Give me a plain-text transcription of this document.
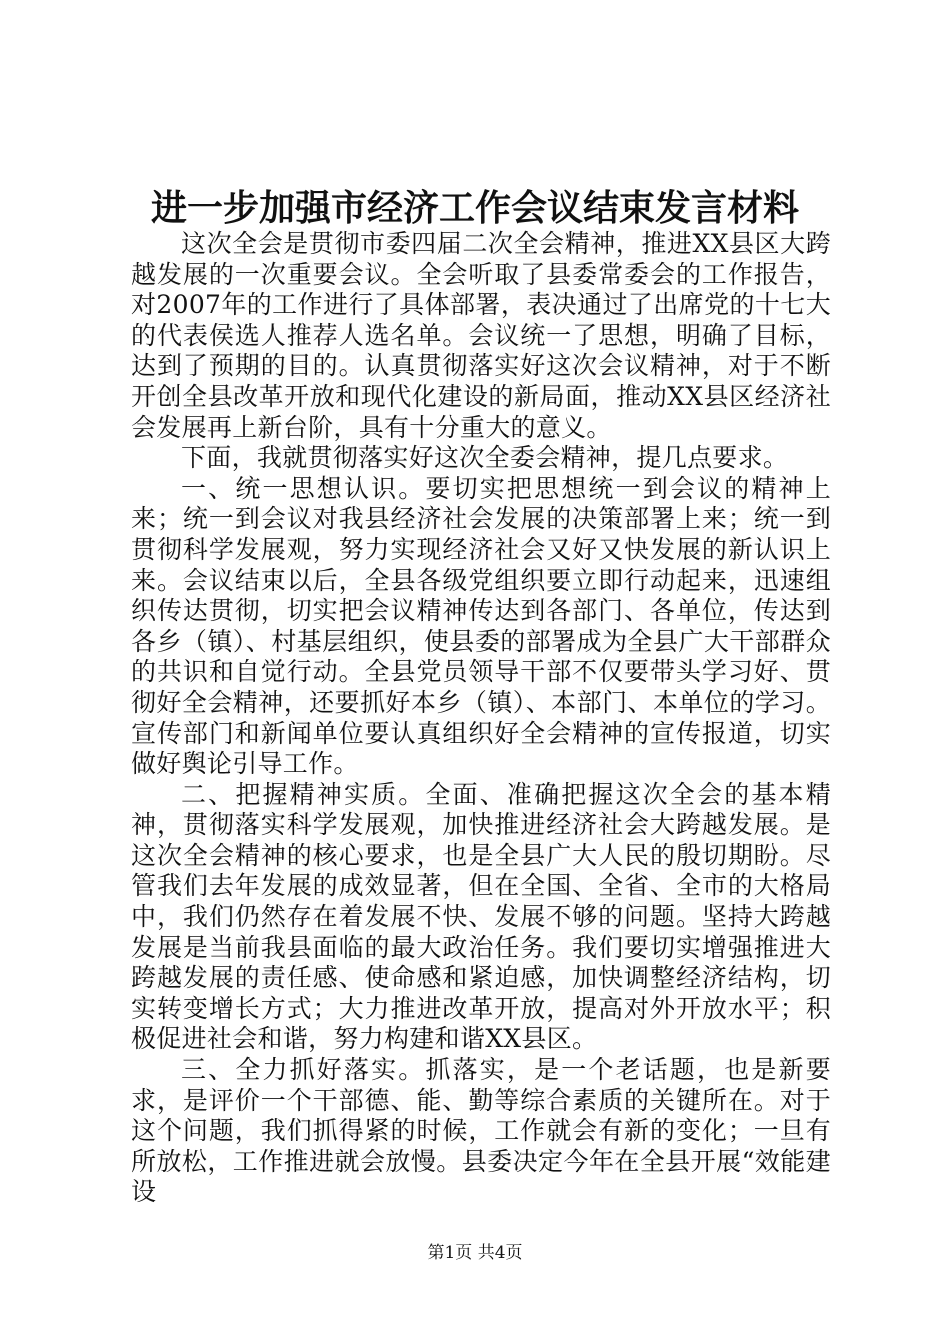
进一步加强市经济工作会议结束发言材料

这次全会是贯彻市委四届二次全会精神，推进XX县区大跨越发展的一次重要会议。全会听取了县委常委会的工作报告，对2007年的工作进行了具体部署，表决通过了出席党的十七大的代表侯选人推荐人选名单。会议统一了思想，明确了目标，达到了预期的目的。认真贯彻落实好这次会议精神，对于不断开创全县改革开放和现代化建设的新局面，推动XX县区经济社会发展再上新台阶，具有十分重大的意义。

下面，我就贯彻落实好这次全委会精神，提几点要求。

一、统一思想认识。要切实把思想统一到会议的精神上来；统一到会议对我县经济社会发展的决策部署上来；统一到贯彻科学发展观，努力实现经济社会又好又快发展的新认识上来。会议结束以后，全县各级党组织要立即行动起来，迅速组织传达贯彻，切实把会议精神传达到各部门、各单位，传达到各乡（镇）、村基层组织，使县委的部署成为全县广大干部群众的共识和自觉行动。全县党员领导干部不仅要带头学习好、贯彻好全会精神，还要抓好本乡（镇）、本部门、本单位的学习。宣传部门和新闻单位要认真组织好全会精神的宣传报道，切实做好舆论引导工作。

二、把握精神实质。全面、准确把握这次全会的基本精神，贯彻落实科学发展观，加快推进经济社会大跨越发展。是这次全会精神的核心要求，也是全县广大人民的殷切期盼。尽管我们去年发展的成效显著，但在全国、全省、全市的大格局中，我们仍然存在着发展不快、发展不够的问题。坚持大跨越发展是当前我县面临的最大政治任务。我们要切实增强推进大跨越发展的责任感、使命感和紧迫感，加快调整经济结构，切实转变增长方式；大力推进改革开放，提高对外开放水平；积极促进社会和谐，努力构建和谐XX县区。

三、全力抓好落实。抓落实，是一个老话题，也是新要求，是评价一个干部德、能、勤等综合素质的关键所在。对于这个问题，我们抓得紧的时候，工作就会有新的变化；一旦有所放松，工作推进就会放慢。县委决定今年在全县开展“效能建设

第1页 共4页
